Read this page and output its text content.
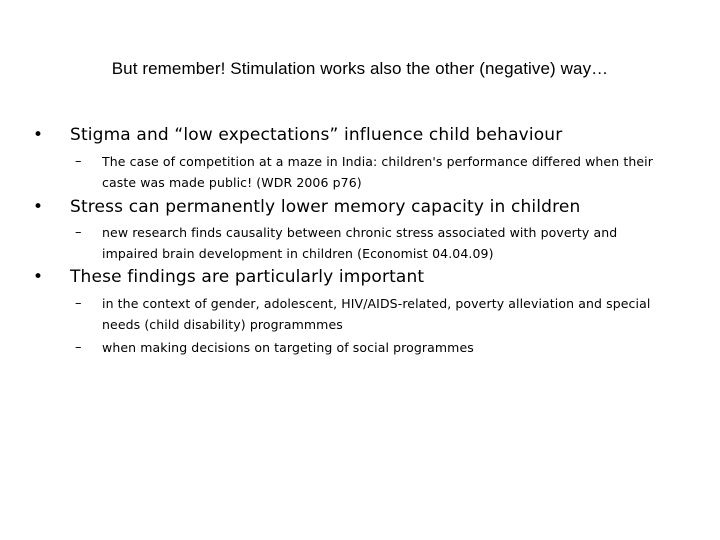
But remember! Stimulation works also the other (negative) way…
• Stigma and “low expectations” influence child behaviour
– The case of competition at a maze in India: children's performance differed when their caste was made public! (WDR 2006 p76)
• Stress can permanently lower memory capacity in children
– new research finds causality between chronic stress associated with poverty and impaired brain development in children (Economist 04.04.09)
• These findings are particularly important
– in the context of gender, adolescent, HIV/AIDS-related, poverty alleviation and special needs (child disability) programmmes
– when making decisions on targeting of social programmes
